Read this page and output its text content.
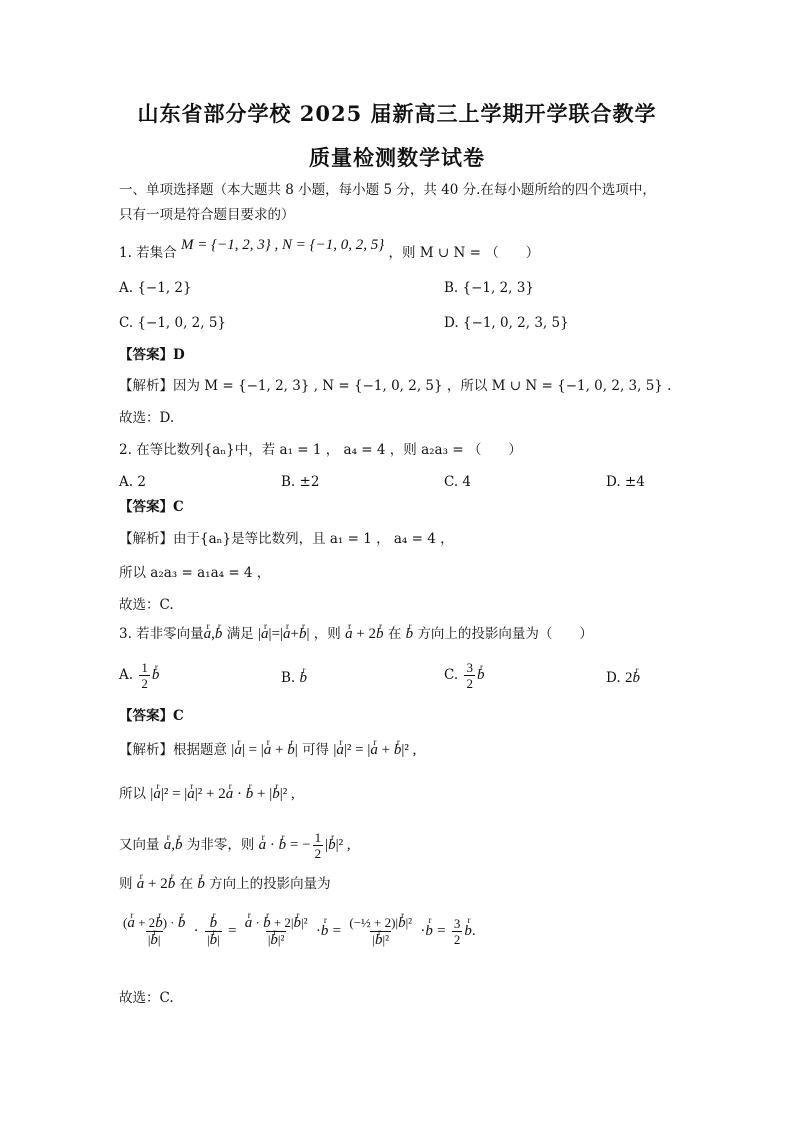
山东省部分学校 2025 届新高三上学期开学联合教学
质量检测数学试卷
一、单项选择题（本大题共 8 小题，每小题 5 分，共 40 分.在每小题所给的四个选项中，
只有一项是符合题目要求的）
1. 若集合 M = {−1, 2, 3} , N = {−1, 0, 2, 5} ，则 M ∪ N = （　　）
A. {−1, 2}	B. {−1, 2, 3}
C. {−1, 0, 2, 5}	D. {−1, 0, 2, 3, 5}
【答案】D
【解析】因为 M = {−1, 2, 3} , N = {−1, 0, 2, 5} ，所以 M ∪ N = {−1, 0, 2, 3, 5} .
故选：D.
2. 在等比数列{aₙ}中，若 a₁ = 1 ， a₄ = 4 ，则 a₂a₃ = （　　）
A. 2	B. ±2	C. 4	D. ±4
【答案】C
【解析】由于{aₙ}是等比数列，且 a₁ = 1 ， a₄ = 4 ，
所以 a₂a₃ = a₁a₄ = 4 ，
故选：C.
3. 若非零向量r a,r b 满足 |r a|=|r a+r b| ，则 r a + 2r b 在 r b 方向上的投影向量为（　　）
A. $\frac{1}{2}$
r b	B. r b	C. $\frac{3}{2}$
r b	D. 2r b
【答案】C
【解析】根据题意 |r a| = |r a + r b| 可得 |r a|² = |r a + r b|² ,
所以 |r a|² = |r a|² + 2r a · r b + |r b|² ,
又向量 r a,r b 为非零，则 r a · r b = − $\frac{1}{2} |r$ b|² ,
则 r a + 2r b 在 r b 方向上的投影向量为
$\frac{\text{(r a + 2r b) · r b}}{\text{|r b|}}$ ·
r $\frac{b}{\text{|r b|}}$ =
r $\frac{\text{a · r b + 2|r b|²}}{\text{|r b|²}} \cdot r$ $b = \frac{\text{(−½ + 2)|r b|²}}{\text{|r b|²}} \cdot r$ $b = \frac{3}{2}$
r b.
故选：C.
